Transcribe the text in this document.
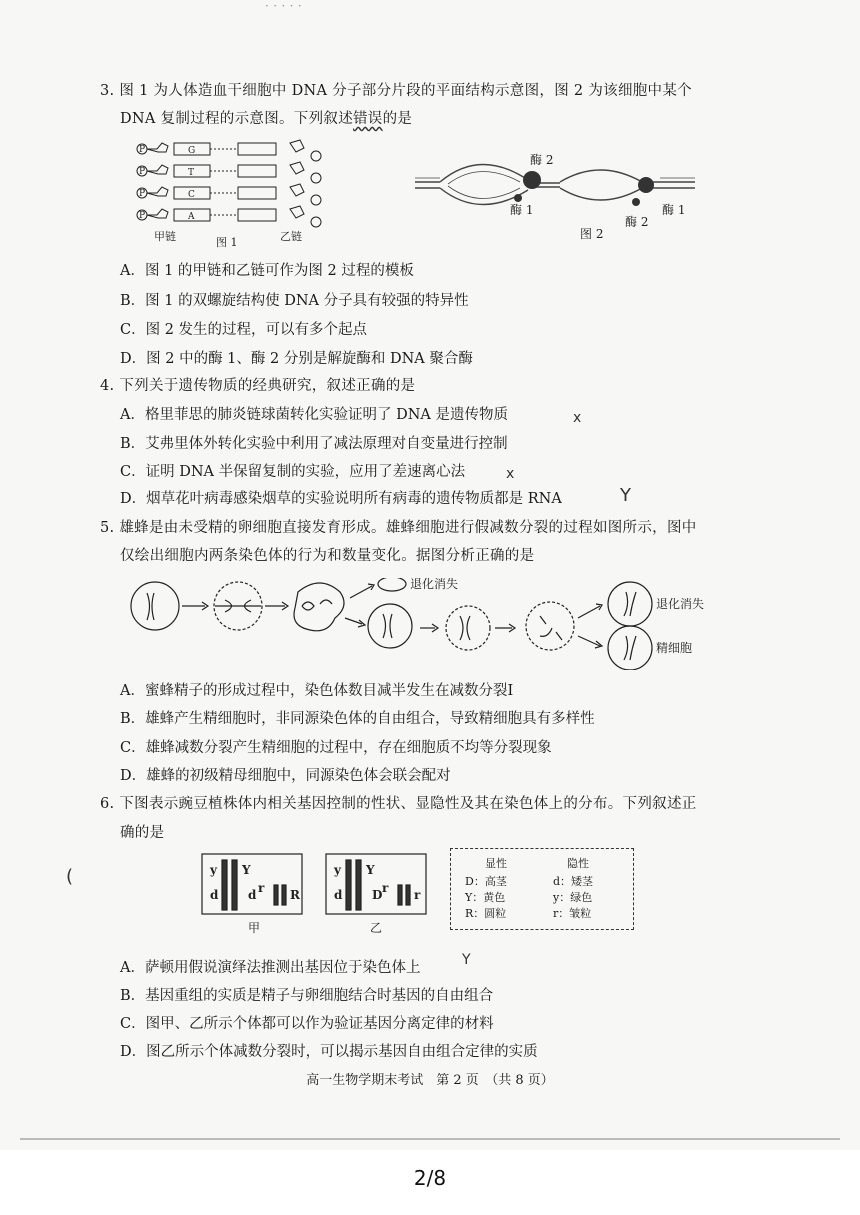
· · · · ·
3. 图 1 为人体造血干细胞中 DNA 分子部分片段的平面结构示意图，图 2 为该细胞中某个
DNA 复制过程的示意图。下列叙述错误的是
P
P
P
P
G
T
C
A
甲链	图 1	乙链
酶 2
酶 1
酶 2
酶 1
图 2
A．图 1 的甲链和乙链可作为图 2 过程的模板
B．图 1 的双螺旋结构使 DNA 分子具有较强的特异性
C．图 2 发生的过程，可以有多个起点
D．图 2 中的酶 1、酶 2 分别是解旋酶和 DNA 聚合酶
4. 下列关于遗传物质的经典研究，叙述正确的是
A．格里菲思的肺炎链球菌转化实验证明了 DNA 是遗传物质
B．艾弗里体外转化实验中利用了减法原理对自变量进行控制
C．证明 DNA 半保留复制的实验，应用了差速离心法
D．烟草花叶病毒感染烟草的实验说明所有病毒的遗传物质都是 RNA
x
x
Y
5. 雄蜂是由未受精的卵细胞直接发育形成。雄蜂细胞进行假减数分裂的过程如图所示，图中
仅绘出细胞内两条染色体的行为和数量变化。据图分析正确的是
退化消失
退化消失
精细胞
A．蜜蜂精子的形成过程中，染色体数目减半发生在减数分裂Ⅰ
B．雄蜂产生精细胞时，非同源染色体的自由组合，导致精细胞具有多样性
C．雄蜂减数分裂产生精细胞的过程中，存在细胞质不均等分裂现象
D．雄蜂的初级精母细胞中，同源染色体会联会配对
6. 下图表示豌豆植株体内相关基因控制的性状、显隐性及其在染色体上的分布。下列叙述正
确的是
(	y Y
d d r R
y Y
d D r r
甲	乙
显性	隐性
D：高茎
Y：黄色
R：圆粒
d：矮茎
y：绿色
r：皱粒
A．萨顿用假说演绎法推测出基因位于染色体上	Y
B．基因重组的实质是精子与卵细胞结合时基因的自由组合
C．图甲、乙所示个体都可以作为验证基因分离定律的材料
D．图乙所示个体减数分裂时，可以揭示基因自由组合定律的实质
高一生物学期末考试　第 2 页　（共 8 页）
2/8
